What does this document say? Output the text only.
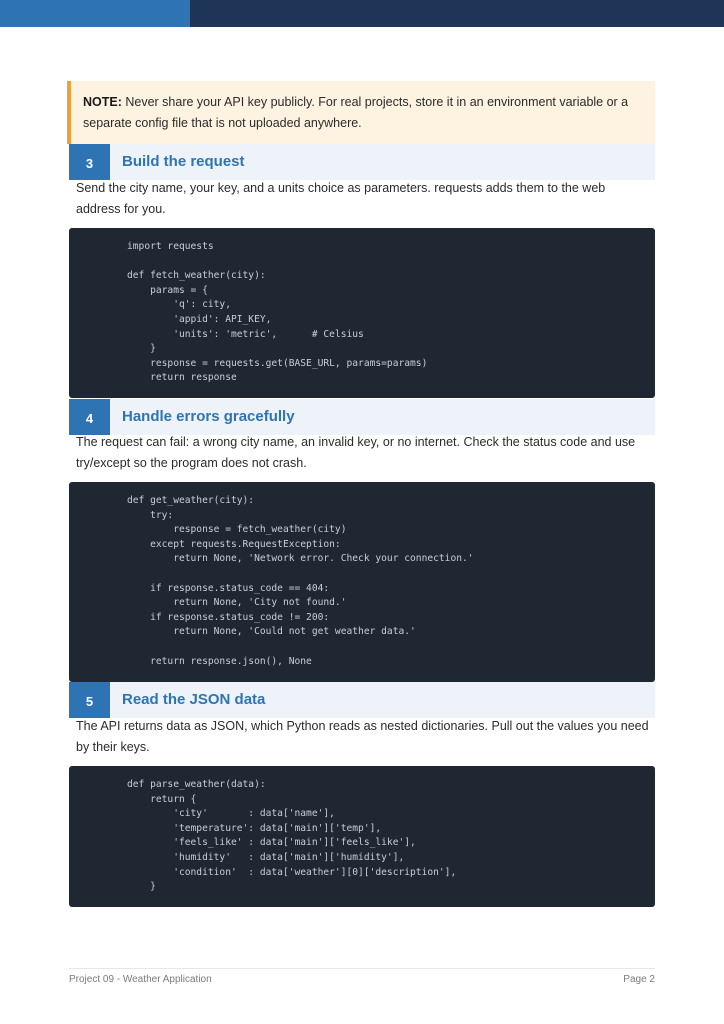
NOTE: Never share your API key publicly. For real projects, store it in an environment variable or a separate config file that is not uploaded anywhere.
3	Build the request
Send the city name, your key, and a units choice as parameters. requests adds them to the web address for you.
import requests

def fetch_weather(city):
params = {
'q': city,
'appid': API_KEY,
'units': 'metric',      # Celsius
}
response = requests.get(BASE_URL, params=params)
return response
4	Handle errors gracefully
The request can fail: a wrong city name, an invalid key, or no internet. Check the status code and use try/except so the program does not crash.
def get_weather(city):
try:
response = fetch_weather(city)
except requests.RequestException:
return None, 'Network error. Check your connection.'

if response.status_code == 404:
return None, 'City not found.'
if response.status_code != 200:
return None, 'Could not get weather data.'

return response.json(), None
5	Read the JSON data
The API returns data as JSON, which Python reads as nested dictionaries. Pull out the values you need by their keys.
def parse_weather(data):
return {
'city'       : data['name'],
'temperature': data['main']['temp'],
'feels_like' : data['main']['feels_like'],
'humidity'   : data['main']['humidity'],
'condition'  : data['weather'][0]['description'],
}
Project 09 - Weather Application	Page 2
